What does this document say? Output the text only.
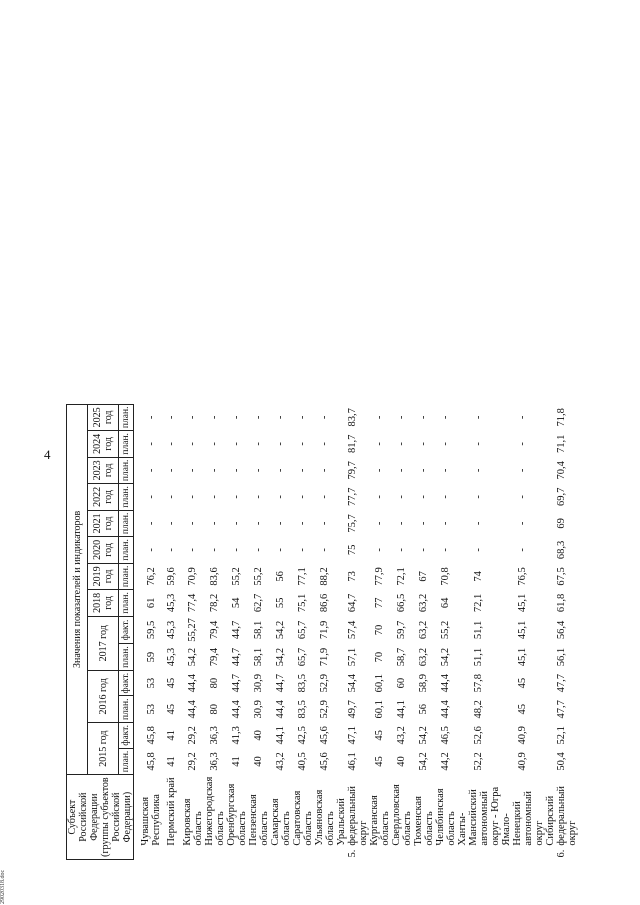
4
29020318.doc
Субъект Российской Федерации (группы субъектов Российской Федерации)		Значения показателей и индикаторов													
		2015 год		2016 год		2017 год		2018 год	2019 год	2020 год	2021 год	2022 год	2023 год	2024 год	2025 год
		план.	факт.	план.	факт.	план.	факт.	план.	план.	план.	план.	план.	план.	план.	план.

	Чувашская Республика	45,8	45,8	53	53	59	59,5	61	76,2	-	-	-	-	-	-
	Пермский край	41	41	45	45	45,3	45,3	45,3	59,6	-	-	-	-	-	-
	Кировская область	29,2	29,2	44,4	44,4	54,2	55,27	77,4	70,9	-	-	-	-	-	-
	Нижегородская область	36,3	36,3	80	80	79,4	79,4	78,2	83,6	-	-	-	-	-	-
	Оренбургская область	41	41,3	44,4	44,7	44,7	44,7	54	55,2	-	-	-	-	-	-
	Пензенская область	40	40	30,9	30,9	58,1	58,1	62,7	55,2	-	-	-	-	-	-
	Самарская область	43,2	44,1	44,4	44,7	54,2	54,2	55	56	-	-	-	-	-	-
	Саратовская область	40,5	42,5	83,5	83,5	65,7	65,7	75,1	77,1	-	-	-	-	-	-
	Ульяновская область	45,6	45,6	52,9	52,9	71,9	71,9	86,6	88,2	-	-	-	-	-	-
5.	Уральский федеральный округ	46,1	47,1	49,7	54,4	57,1	57,4	64,7	73	75	75,7	77,7	79,7	81,7	83,7
	Курганская область	45	45	60,1	60,1	70	70	77	77,9	-	-	-	-	-	-
	Свердловская область	40	43,2	44,1	60	58,7	59,7	66,5	72,1	-	-	-	-	-	-
	Тюменская область	54,2	54,2	56	58,9	63,2	63,2	63,2	67	-	-	-	-	-	-
	Челябинская область	44,2	46,5	44,4	44,4	54,2	55,2	64	70,8	-	-	-	-	-	-
	Ханты-Мансийский автономный округ - Югра	52,2	52,6	48,2	57,8	51,1	51,1	72,1	74	-	-	-	-	-	-
	Ямало-Ненецкий автономный округ	40,9	40,9	45	45	45,1	45,1	45,1	76,5	-	-	-	-	-	-
6.	Сибирский федеральный округ	50,4	52,1	47,7	47,7	56,1	56,4	61,8	67,5	68,3	69	69,7	70,4	71,1	71,8
